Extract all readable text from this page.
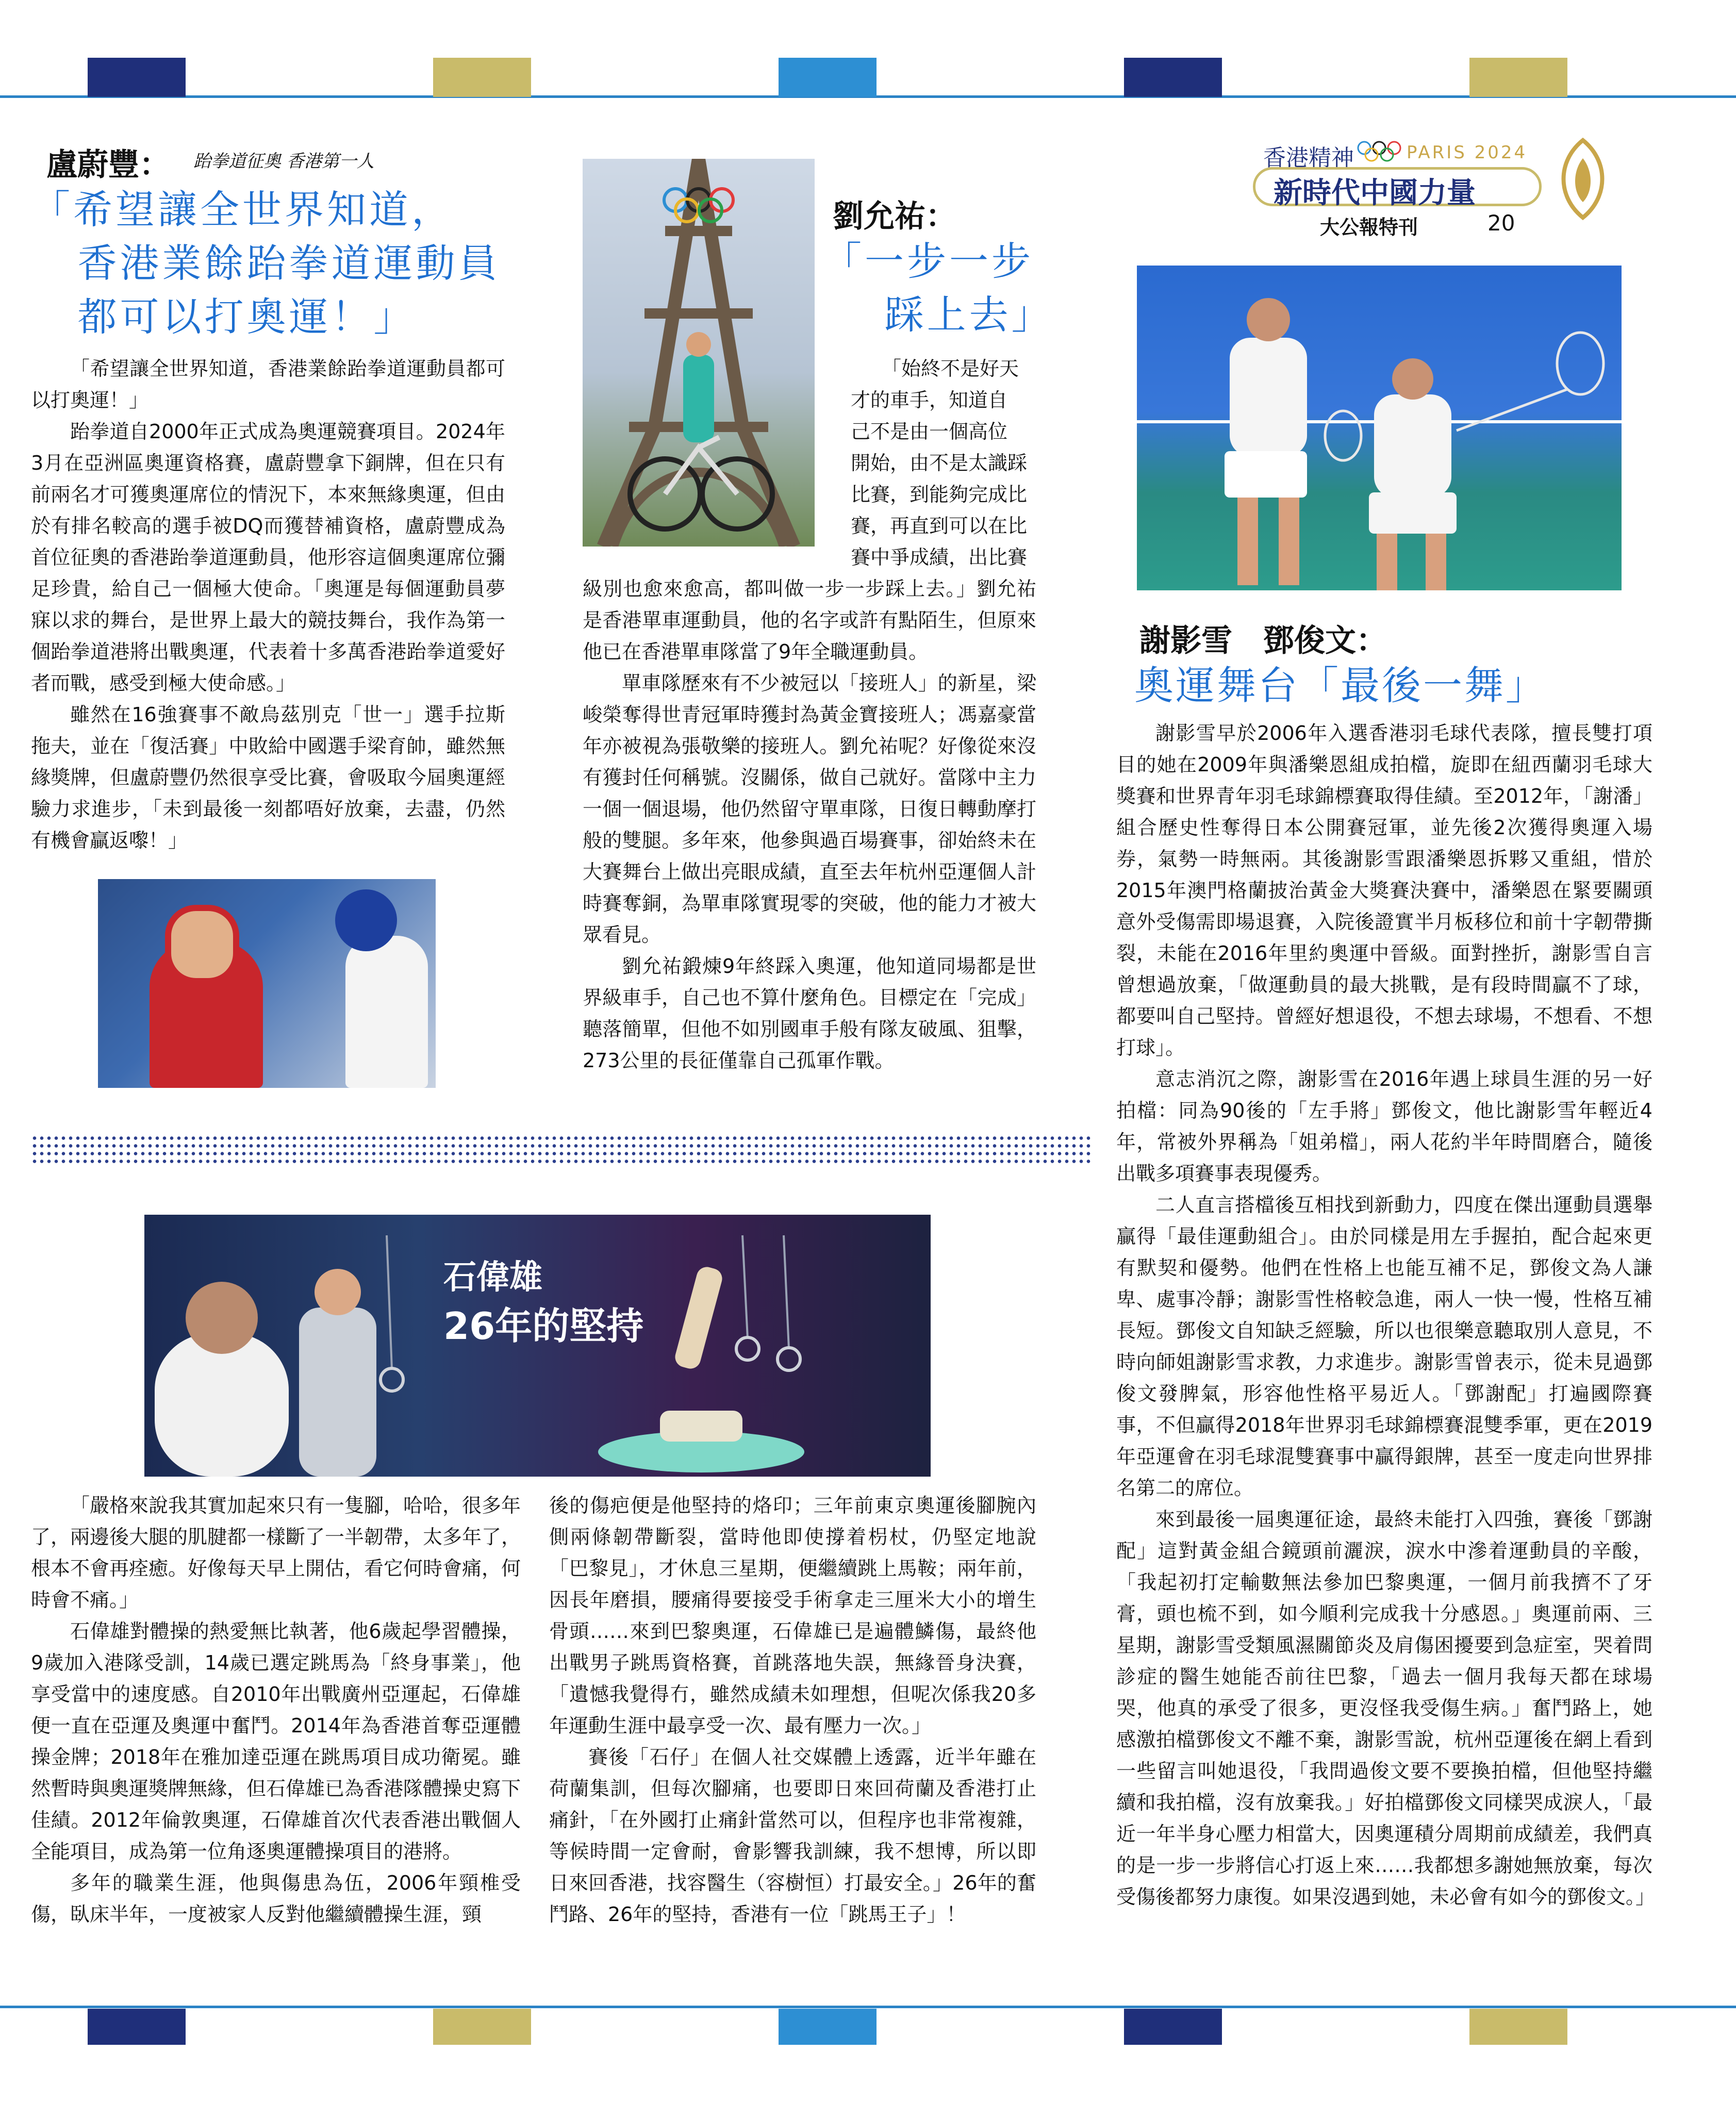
香港精神	PARIS 2024
新時代中國力量
大公報特刊	20
盧蔚豐： 跆拳道征奧 香港第一人
「希望讓全世界知道，
香港業餘跆拳道運動員
都可以打奧運！」

「希望讓全世界知道，香港業餘跆拳道運動員都可以打奧運！」

跆拳道自2000年正式成為奧運競賽項目。2024年3月在亞洲區奧運資格賽，盧蔚豐拿下銅牌，但在只有前兩名才可獲奧運席位的情況下，本來無緣奧運，但由於有排名較高的選手被DQ而獲替補資格，盧蔚豐成為首位征奧的香港跆拳道運動員，他形容這個奧運席位彌足珍貴，給自己一個極大使命。「奧運是每個運動員夢寐以求的舞台，是世界上最大的競技舞台，我作為第一個跆拳道港將出戰奧運，代表着十多萬香港跆拳道愛好者而戰，感受到極大使命感。」

雖然在16強賽事不敵烏茲別克「世一」選手拉斯拖夫，並在「復活賽」中敗給中國選手梁育帥，雖然無緣獎牌，但盧蔚豐仍然很享受比賽，會吸取今屆奧運經驗力求進步，「未到最後一刻都唔好放棄，去盡，仍然有機會贏返嚟！」

劉允祐：
「一步一步
踩上去」
「始終不是好天
才的車手，知道自
己不是由一個高位
開始，由不是太識踩
比賽，到能夠完成比
賽，再直到可以在比
賽中爭成績，出比賽

級別也愈來愈高，都叫做一步一步踩上去。」劉允祐是香港單車運動員，他的名字或許有點陌生，但原來他已在香港單車隊當了9年全職運動員。

單車隊歷來有不少被冠以「接班人」的新星，梁峻榮奪得世青冠軍時獲封為黃金寶接班人；馮嘉豪當年亦被視為張敬樂的接班人。劉允祐呢？好像從來沒有獲封任何稱號。沒關係，做自己就好。當隊中主力一個一個退場，他仍然留守單車隊，日復日轉動摩打般的雙腿。多年來，他參與過百場賽事，卻始終未在大賽舞台上做出亮眼成績，直至去年杭州亞運個人計時賽奪銅，為單車隊實現零的突破，他的能力才被大眾看見。

劉允祐鍛煉9年終踩入奧運，他知道同場都是世界級車手，自己也不算什麼角色。目標定在「完成」聽落簡單，但他不如別國車手般有隊友破風、狙擊，273公里的長征僅靠自己孤軍作戰。

石偉雄
26年的堅持

「嚴格來說我其實加起來只有一隻腳，哈哈，很多年了，兩邊後大腿的肌腱都一樣斷了一半韌帶，太多年了，根本不會再痊癒。好像每天早上開估，看它何時會痛，何時會不痛。」

石偉雄對體操的熱愛無比執著，他6歲起學習體操，9歲加入港隊受訓，14歲已選定跳馬為「終身事業」，他享受當中的速度感。自2010年出戰廣州亞運起，石偉雄便一直在亞運及奧運中奮鬥。2014年為香港首奪亞運體操金牌；2018年在雅加達亞運在跳馬項目成功衛冕。雖然暫時與奧運獎牌無緣，但石偉雄已為香港隊體操史寫下佳績。2012年倫敦奧運，石偉雄首次代表香港出戰個人全能項目，成為第一位角逐奧運體操項目的港將。

多年的職業生涯，他與傷患為伍，2006年頸椎受傷，臥床半年，一度被家人反對他繼續體操生涯，頸

後的傷疤便是他堅持的烙印；三年前東京奧運後腳腕內側兩條韌帶斷裂，當時他即使撐着枴杖，仍堅定地說「巴黎見」，才休息三星期，便繼續跳上馬鞍；兩年前，因長年磨損，腰痛得要接受手術拿走三厘米大小的增生骨頭……來到巴黎奧運，石偉雄已是遍體鱗傷，最終他出戰男子跳馬資格賽，首跳落地失誤，無緣晉身決賽，「遺憾我覺得冇，雖然成績未如理想，但呢次係我20多年運動生涯中最享受一次、最有壓力一次。」

賽後「石仔」在個人社交媒體上透露，近半年雖在荷蘭集訓，但每次腳痛，也要即日來回荷蘭及香港打止痛針，「在外國打止痛針當然可以，但程序也非常複雜，等候時間一定會耐，會影響我訓練，我不想博，所以即日來回香港，找容醫生（容樹恒）打最安全。」26年的奮鬥路、26年的堅持，香港有一位「跳馬王子」！

謝影雪　鄧俊文：
奧運舞台「最後一舞」

謝影雪早於2006年入選香港羽毛球代表隊，擅長雙打項目的她在2009年與潘樂恩組成拍檔，旋即在紐西蘭羽毛球大獎賽和世界青年羽毛球錦標賽取得佳績。至2012年，「謝潘」組合歷史性奪得日本公開賽冠軍，並先後2次獲得奧運入場券，氣勢一時無兩。其後謝影雪跟潘樂恩拆夥又重組，惜於2015年澳門格蘭披治黃金大獎賽決賽中，潘樂恩在緊要關頭意外受傷需即場退賽，入院後證實半月板移位和前十字韌帶撕裂，未能在2016年里約奧運中晉級。面對挫折，謝影雪自言曾想過放棄，「做運動員的最大挑戰，是有段時間贏不了球，都要叫自己堅持。曾經好想退役，不想去球場，不想看、不想打球」。

意志消沉之際，謝影雪在2016年遇上球員生涯的另一好拍檔：同為90後的「左手將」鄧俊文，他比謝影雪年輕近4年，常被外界稱為「姐弟檔」，兩人花約半年時間磨合，隨後出戰多項賽事表現優秀。

二人直言搭檔後互相找到新動力，四度在傑出運動員選舉贏得「最佳運動組合」。由於同樣是用左手握拍，配合起來更有默契和優勢。他們在性格上也能互補不足，鄧俊文為人謙卑、處事冷靜；謝影雪性格較急進，兩人一快一慢，性格互補長短。鄧俊文自知缺乏經驗，所以也很樂意聽取別人意見，不時向師姐謝影雪求教，力求進步。謝影雪曾表示，從未見過鄧俊文發脾氣，形容他性格平易近人。「鄧謝配」打遍國際賽事，不但贏得2018年世界羽毛球錦標賽混雙季軍，更在2019年亞運會在羽毛球混雙賽事中贏得銀牌，甚至一度走向世界排名第二的席位。

來到最後一屆奧運征途，最終未能打入四強，賽後「鄧謝配」這對黃金組合鏡頭前灑淚，淚水中滲着運動員的辛酸，「我起初打定輸數無法參加巴黎奧運，一個月前我擠不了牙膏，頭也梳不到，如今順利完成我十分感恩。」奧運前兩、三星期，謝影雪受類風濕關節炎及肩傷困擾要到急症室，哭着問診症的醫生她能否前往巴黎，「過去一個月我每天都在球場哭，他真的承受了很多，更沒怪我受傷生病。」奮鬥路上，她感激拍檔鄧俊文不離不棄，謝影雪說，杭州亞運後在網上看到一些留言叫她退役，「我問過俊文要不要換拍檔，但他堅持繼續和我拍檔，沒有放棄我。」好拍檔鄧俊文同樣哭成淚人，「最近一年半身心壓力相當大，因奧運積分周期前成績差，我們真的是一步一步將信心打返上來……我都想多謝她無放棄，每次受傷後都努力康復。如果沒遇到她，未必會有如今的鄧俊文。」
